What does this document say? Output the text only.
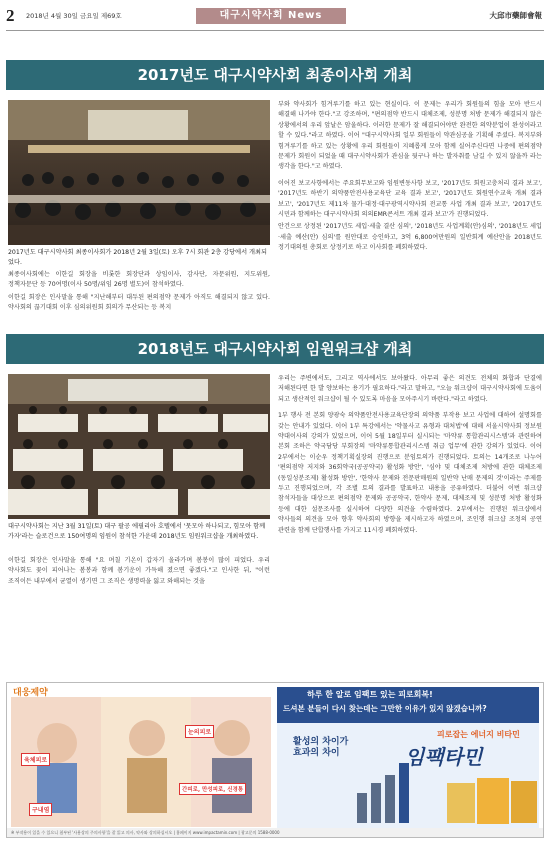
2 2018년 4월 30일 금요일 제69호	대구시약사회 News	大邱市藥師會報
2017년도 대구시약사회 최종이사회 개최
2017년도 대구시약사회 최종이사회가 2018년 2월 3일(토) 오후 7시 회관 2층 강당에서 개최되었다.

최종이사회에는 이한길 회장을 비롯한 회장단과 상임이사, 감사단, 자문위원, 지도위원, 정책자문단 등 70여명(이사 50명/위임 26명 별도)이 참석하였다.

이한길 회장은 인사말을 통해 "지난해부터 대두된 편의점약 문제가 아직도 해결되지 않고 있다. 약사회의 끊기대회 이후 심의위원회 회의가 무산되는 등 복지

부와 약사회가 힘겨루기를 하고 있는 현실이다. 이 문제는 우리가 회원들의 힘을 모아 반드시 해결해 나가야 한다."고 강조하며, "편의점약 반드시 대체조제, 성분명 처방 문제가 해결되지 않은 상황에서의 우리 앞날은 암울하다. 이러한 문제가 잘 해결되어야만 완전한 의약분업이 완성이라고 할 수 있다."라고 하였다. 이어 "대구시약사회 일부 회원들이 약관심공을 기획해 주셨다. 복지부와 힘겨루기를 하고 있는 상황에 우리 회원들이 지혜롭게 모아 함께 실어주신다면 나중에 편의점약 문제가 회원이 되었을 때 대구시약사회가 관심을 뒷구나 하는 발자취를 남길 수 있지 않을까 라는 생각을 한다."고 하였다.

이어진 보고사항에서는 주요회무보고와 임원변동사항 보고, '2017년도 회원고충처리 결과 보고', '2017년도 하반기 의약품안전사용교육단 교육 결과 보고', '2017년도 회원연수교육 개최 결과 보고', '2017년도 제11차 물가·대정·대구광역시약사회 전교통 사업 개최 결과 보고', '2017년도 시민과 함께하는 대구시약사회 의의EMR콘서트 개최 결과 보고'가 진행되었다.

안건으로 상정된 '2017년도 세입·세출 결산 심의', '2018년도 사업계획(안)심의', '2018년도 세입·세출 예산(안) 심의'를 원안대로 승인하고, 3억 6,800여만원의 일반회계 예산안을 2018년도 정기대의원 총회로 상정키로 하고 이사회를 폐회하였다.

2018년도 대구시약사회 임원워크샵 개최
대구시약사회는 지난 3월 31일(토) 대구 팔공 에필리아 호텔에서 '뭇모아 하나되고, 힘모아 함께 가자'라는 슬로건으로 150여명의 임원이 참석한 가운데 2018년도 임원워크샵을 개최하였다.

이한길 회장은 인사말을 통해 "요 며칠 기온이 갑자기 올라가며 봄봉이 많이 피었다. 우리 약사회도 꽃이 피어나는 봄봉과 함께 봄기운이 가득해 졌으면 좋겠다."고 인사한 뒤, "이런 조직이든 내부에서 균열이 생기면 그 조직은 생명력을 잃고 와해되는 것을

우리는 주변에서도, 그리고 역사에서도 보아왔다. 아무리 좋은 의견도 전체의 화합과 단결에 저해된다면 한 발 양보하는 용기가 필요하다."라고 말하고, "오늘 워크샵이 대구시약사회에 도움이 되고 생산적인 워크샵이 될 수 있도록 마음을 모아주시기 바란다."라고 하였다.

1부 행사 전 본회 양광숙 의약품안전사용교육단장의 의약품 부작용 보고 사업에 대하여 설명회를 갖는 안내가 있었다. 이어 1부 특강에서는 '약물사고 유형과 대처법'에 대해 서울시약사회 정보원 약대이사의 강의가 있었으며, 이어 5월 18일부터 실시되는 '마약류 통합관리시스템'과 관련하여 본회 조하은 약국담당 부회장의 '마약류통합관리시스템 취급 업무'에 관한 강의가 있었다. 이어 2부에서는 이순우 정책기획실장의 진행으로 분임토의가 진행되었다. 토의는 14개조로 나누어 '편의점약 저지와 36회약국(공공약국) 활성화 방안', '심야 및 대체조제 처방에 관한 대체조제(동일성분조제) 활성화 방안', '한약사 문제와 전문판매원의 일반약 난매 문제의 것'이라는 주제를 두고 진행되었으며, 각 조별 토의 결과를 발표하고 내용을 공유하였다. 더불어 이번 워크샵 참석자들을 대상으로 편의점약 문제와 공공약국, 한약사 문제, 대체조제 및 성분명 처방 활성화 등에 대한 설문조사를 실시하여 다양한 의견을 수렴하였다. 2부에서는 진행된 워크샵에서 약사들의 의견을 모아 향후 약사회의 방향을 제시하고자 하였으며, 조인행 워크샵 조청의 공연 관련을 함께 단합행사를 가지고 11시경 폐회하였다.

대웅제약
눈의피로
육체피로
간피로, 만성피로, 신경통
구내염
하루 한 알로 임팩트 있는 피로회복!
드셔본 분들이 다시 찾는데는 그만한 이유가 있지 않겠습니까?
피로잡는 에너지 비타민
활성의 차이가
효과의 차이	임팩타민
※ 부작용이 있을 수 있으니 첨부된 '사용상의 주의사항'을 잘 읽고 의사, 약사와 상의하십시오 | 홈페이지 www.impactamin.com | 광고문의 1588-0000
